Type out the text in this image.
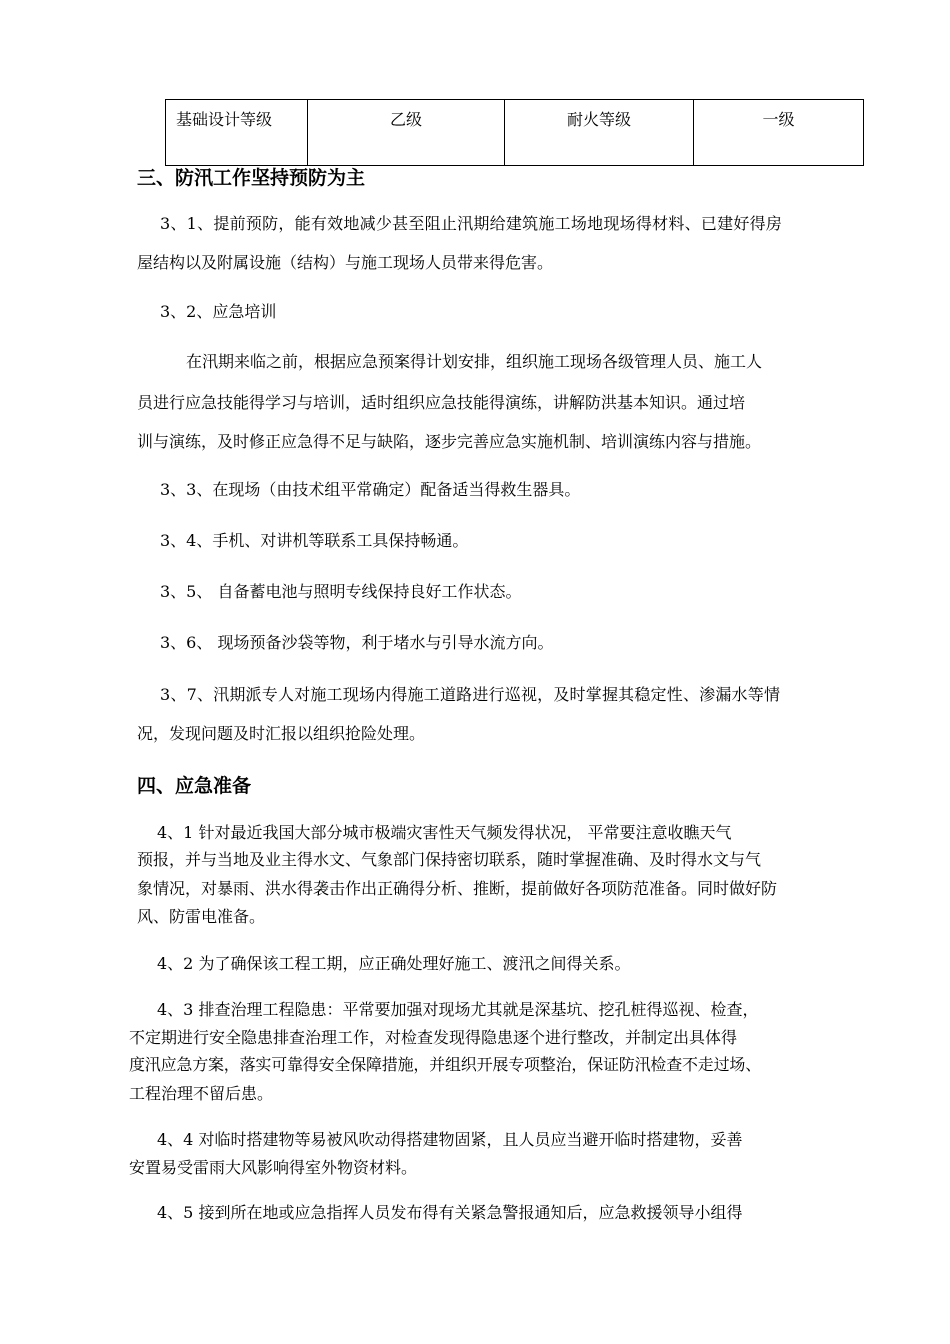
基础设计等级	乙级	耐火等级	一级
三、防汛工作坚持预防为主
3、1、提前预防，能有效地减少甚至阻止汛期给建筑施工场地现场得材料、已建好得房
屋结构以及附属设施（结构）与施工现场人员带来得危害。
3、2、应急培训
在汛期来临之前，根据应急预案得计划安排，组织施工现场各级管理人员、施工人
员进行应急技能得学习与培训，适时组织应急技能得演练，讲解防洪基本知识。通过培
训与演练，及时修正应急得不足与缺陷，逐步完善应急实施机制、培训演练内容与措施。
3、3、在现场（由技术组平常确定）配备适当得救生器具。
3、4、手机、对讲机等联系工具保持畅通。
3、5、 自备蓄电池与照明专线保持良好工作状态。
3、6、 现场预备沙袋等物，利于堵水与引导水流方向。
3、7、汛期派专人对施工现场内得施工道路进行巡视，及时掌握其稳定性、渗漏水等情
况，发现问题及时汇报以组织抢险处理。
四、应急准备
4、1 针对最近我国大部分城市极端灾害性天气频发得状况， 平常要注意收瞧天气
预报，并与当地及业主得水文、气象部门保持密切联系，随时掌握准确、及时得水文与气
象情况，对暴雨、洪水得袭击作出正确得分析、推断，提前做好各项防范准备。同时做好防
风、防雷电准备。
4、2 为了确保该工程工期，应正确处理好施工、渡汛之间得关系。
4、3 排查治理工程隐患：平常要加强对现场尤其就是深基坑、挖孔桩得巡视、检查，
不定期进行安全隐患排查治理工作，对检查发现得隐患逐个进行整改，并制定出具体得
度汛应急方案，落实可靠得安全保障措施，并组织开展专项整治，保证防汛检查不走过场、
工程治理不留后患。
4、4 对临时搭建物等易被风吹动得搭建物固紧，且人员应当避开临时搭建物，妥善
安置易受雷雨大风影响得室外物资材料。
4、5 接到所在地或应急指挥人员发布得有关紧急警报通知后，应急救援领导小组得
